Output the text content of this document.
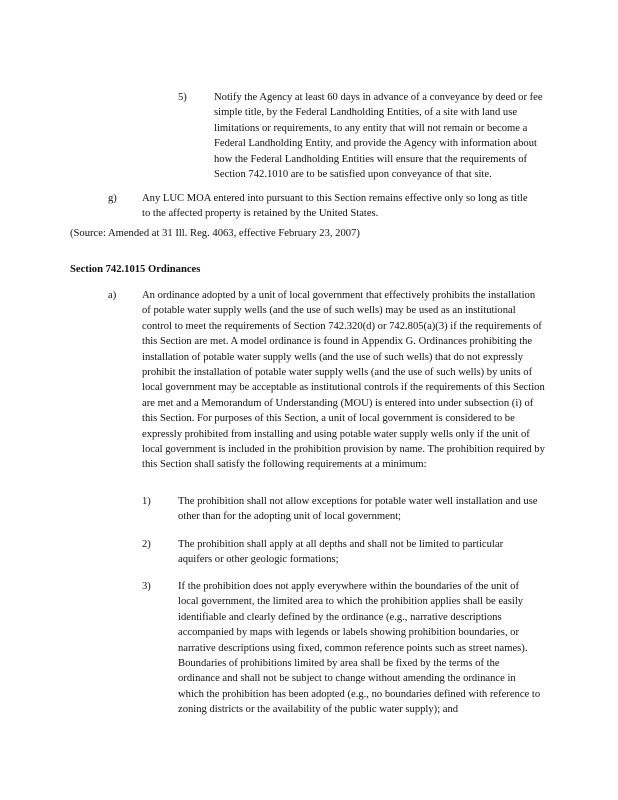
5)	Notify the Agency at least 60 days in advance of a conveyance by deed or fee simple title, by the Federal Landholding Entities, of a site with land use limitations or requirements, to any entity that will not remain or become a Federal Landholding Entity, and provide the Agency with information about how the Federal Landholding Entities will ensure that the requirements of Section 742.1010 are to be satisfied upon conveyance of that site.
g) Any LUC MOA entered into pursuant to this Section remains effective only so long as title to the affected property is retained by the United States.
(Source: Amended at 31 Ill. Reg. 4063, effective February 23, 2007)
Section 742.1015 Ordinances
a) An ordinance adopted by a unit of local government that effectively prohibits the installation of potable water supply wells (and the use of such wells) may be used as an institutional control to meet the requirements of Section 742.320(d) or 742.805(a)(3) if the requirements of this Section are met. A model ordinance is found in Appendix G. Ordinances prohibiting the installation of potable water supply wells (and the use of such wells) that do not expressly prohibit the installation of potable water supply wells (and the use of such wells) by units of local government may be acceptable as institutional controls if the requirements of this Section are met and a Memorandum of Understanding (MOU) is entered into under subsection (i) of this Section. For purposes of this Section, a unit of local government is considered to be expressly prohibited from installing and using potable water supply wells only if the unit of local government is included in the prohibition provision by name. The prohibition required by this Section shall satisfy the following requirements at a minimum:
1)	The prohibition shall not allow exceptions for potable water well installation and use other than for the adopting unit of local government;
2)	The prohibition shall apply at all depths and shall not be limited to particular aquifers or other geologic formations;
3)	If the prohibition does not apply everywhere within the boundaries of the unit of local government, the limited area to which the prohibition applies shall be easily identifiable and clearly defined by the ordinance (e.g., narrative descriptions accompanied by maps with legends or labels showing prohibition boundaries, or narrative descriptions using fixed, common reference points such as street names). Boundaries of prohibitions limited by area shall be fixed by the terms of the ordinance and shall not be subject to change without amending the ordinance in which the prohibition has been adopted (e.g., no boundaries defined with reference to zoning districts or the availability of the public water supply); and
